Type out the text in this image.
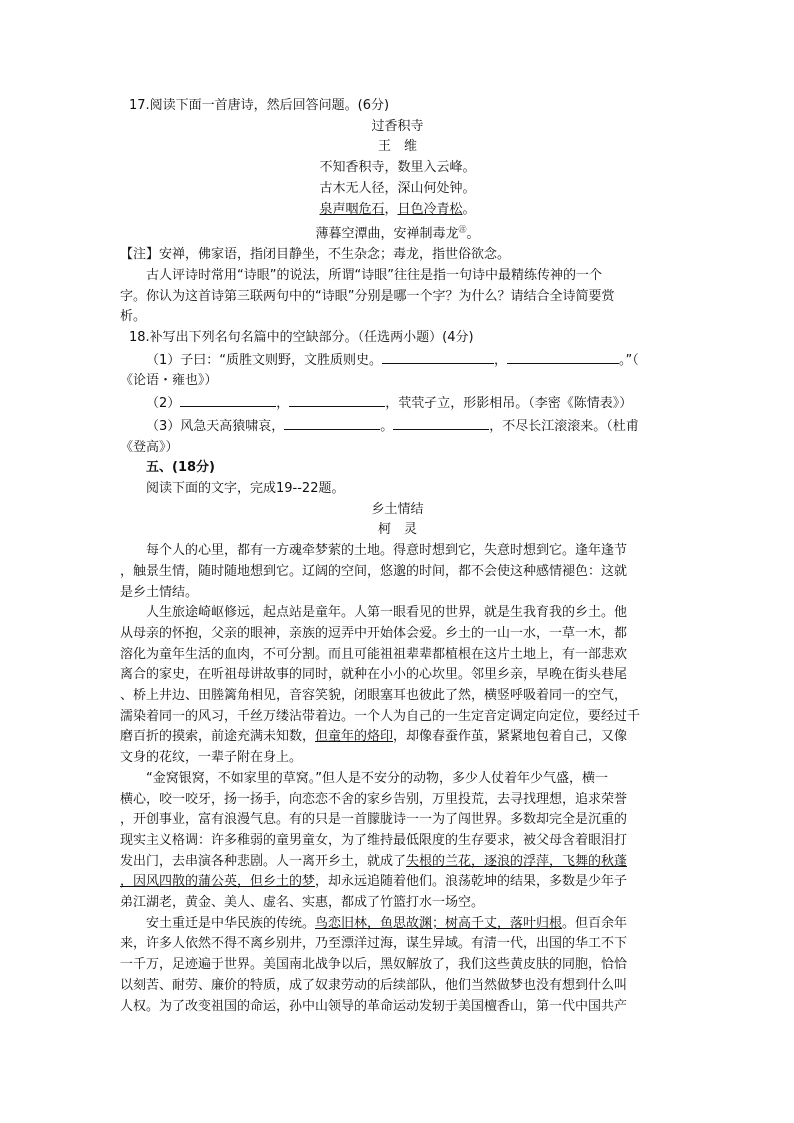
17.阅读下面一首唐诗，然后回答问题。(6分)
过香积寺
王　维
不知香积寺，数里入云峰。
古木无人径，深山何处钟。
泉声咽危石，日色冷青松。
薄暮空潭曲，安禅制毒龙㊟。
【注】安禅，佛家语，指闭目静坐，不生杂念；毒龙，指世俗欲念。
古人评诗时常用“诗眼”的说法，所谓“诗眼”往往是指一句诗中最精练传神的一个
字。你认为这首诗第三联两句中的“诗眼”分别是哪一个字？为什么？请结合全诗简要赏
析。
18.补写出下列名句名篇中的空缺部分。（任选两小题）(4分)
（1）子曰：“质胜文则野，文胜质则史。	，	。”（
《论语・雍也》）
（2）	，	，茕茕孑立，形影相吊。（李密《陈情表》）
（3）风急天高猿啸哀，	。	，不尽长江滚滚来。（杜甫
《登高》）
五、(18分)
阅读下面的文字，完成19--22题。
乡土情结
柯　灵
每个人的心里，都有一方魂牵梦萦的土地。得意时想到它，失意时想到它。逢年逢节
，触景生情，随时随地想到它。辽阔的空间，悠邈的时间，都不会使这种感情褪色：这就
是乡土情结。
人生旅途崎岖修远，起点站是童年。人第一眼看见的世界，就是生我育我的乡土。他
从母亲的怀抱，父亲的眼神，亲族的逗弄中开始体会爱。乡土的一山一水，一草一木，都
溶化为童年生活的血肉，不可分割。而且可能祖祖辈辈都植根在这片土地上，有一部悲欢
离合的家史，在听祖母讲故事的同时，就种在小小的心坎里。邻里乡亲，早晚在街头巷尾
、桥上井边、田塍篱角相见，音容笑貌，闭眼塞耳也彼此了然，横竖呼吸着同一的空气，
濡染着同一的风习，千丝万缕沾带着边。一个人为自己的一生定音定调定向定位，要经过千
磨百折的摸索，前途充满未知数，但童年的烙印，却像春蚕作茧，紧紧地包着自己，又像
文身的花纹，一辈子附在身上。
“金窝银窝，不如家里的草窝。”但人是不安分的动物，多少人仗着年少气盛，横一
横心，咬一咬牙，扬一扬手，向恋恋不舍的家乡告别，万里投荒，去寻找理想，追求荣誉
，开创事业，富有浪漫气息。有的只是一首朦胧诗一一为了闯世界。多数却完全是沉重的
现实主义格调：许多稚弱的童男童女，为了维持最低限度的生存要求，被父母含着眼泪打
发出门，去串演各种悲剧。人一离开乡土，就成了失根的兰花，逐浪的浮萍，飞舞的秋蓬
，因风四散的蒲公英，但乡土的梦，却永远追随着他们。浪荡乾坤的结果，多数是少年子
弟江湖老，黄金、美人、虚名、实惠，都成了竹篮打水一场空。
安土重迁是中华民族的传统。鸟恋旧林，鱼思故渊；树高千丈，落叶归根。但百余年
来，许多人依然不得不离乡别井，乃至漂洋过海，谋生异域。有清一代，出国的华工不下
一千万，足迹遍于世界。美国南北战争以后，黑奴解放了，我们这些黄皮肤的同胞，恰恰
以刻苦、耐劳、廉价的特质，成了奴隶劳动的后续部队，他们当然做梦也没有想到什么叫
人权。为了改变祖国的命运，孙中山领导的革命运动发轫于美国檀香山，第一代中国共产
